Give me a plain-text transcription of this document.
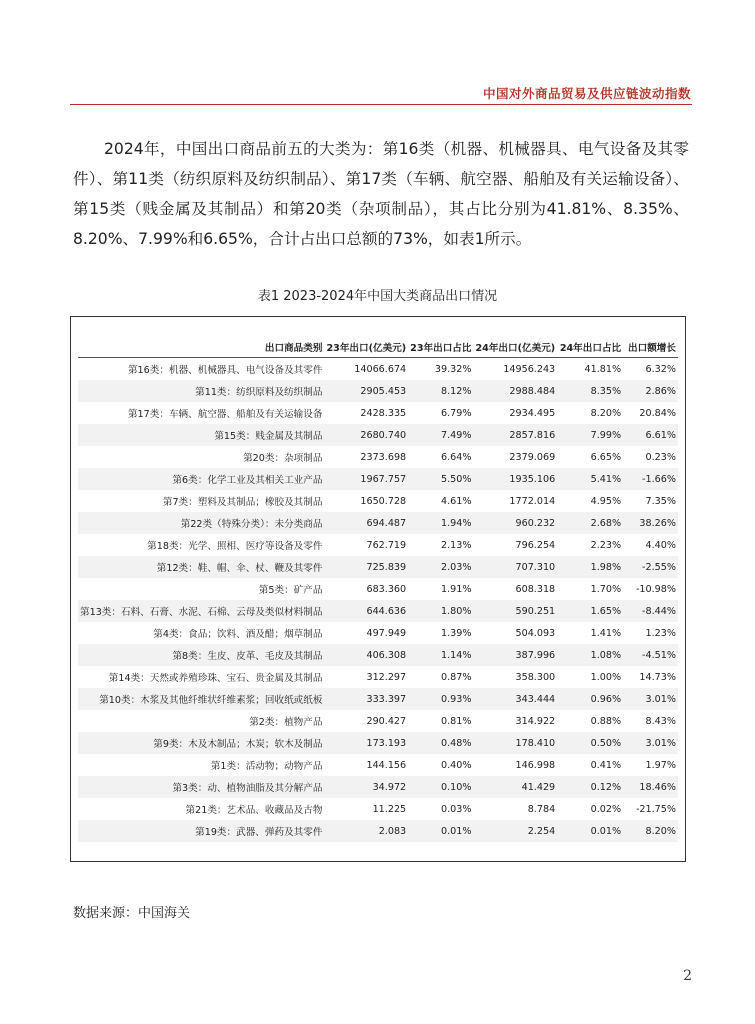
中国对外商品贸易及供应链波动指数

2024年，中国出口商品前五的大类为：第16类（机器、机械器具、电气设备及其零件）、第11类（纺织原料及纺织制品）、第17类（车辆、航空器、船舶及有关运输设备）、第15类（贱金属及其制品）和第20类（杂项制品），其占比分别为41.81%、8.35%、8.20%、7.99%和6.65%，合计占出口总额的73%，如表1所示。

表1 2023-2024年中国大类商品出口情况
出口商品类别	23年出口(亿美元)	23年出口占比	24年出口(亿美元)	24年出口占比	出口额增长
第16类：机器、机械器具、电气设备及其零件	14066.674	39.32%	14956.243	41.81%	6.32%
第11类：纺织原料及纺织制品	2905.453	8.12%	2988.484	8.35%	2.86%
第17类：车辆、航空器、船舶及有关运输设备	2428.335	6.79%	2934.495	8.20%	20.84%
第15类：贱金属及其制品	2680.740	7.49%	2857.816	7.99%	6.61%
第20类：杂项制品	2373.698	6.64%	2379.069	6.65%	0.23%
第6类：化学工业及其相关工业产品	1967.757	5.50%	1935.106	5.41%	-1.66%
第7类：塑料及其制品；橡胶及其制品	1650.728	4.61%	1772.014	4.95%	7.35%
第22类（特殊分类）：未分类商品	694.487	1.94%	960.232	2.68%	38.26%
第18类：光学、照相、医疗等设备及零件	762.719	2.13%	796.254	2.23%	4.40%
第12类：鞋、帽、伞、杖、鞭及其零件	725.839	2.03%	707.310	1.98%	-2.55%
第5类：矿产品	683.360	1.91%	608.318	1.70%	-10.98%
第13类：石料、石膏、水泥、石棉、云母及类似材料制品	644.636	1.80%	590.251	1.65%	-8.44%
第4类：食品；饮料、酒及醋；烟草制品	497.949	1.39%	504.093	1.41%	1.23%
第8类：生皮、皮革、毛皮及其制品	406.308	1.14%	387.996	1.08%	-4.51%
第14类：天然或养殖珍珠、宝石、贵金属及其制品	312.297	0.87%	358.300	1.00%	14.73%
第10类：木浆及其他纤维状纤维素浆；回收纸或纸板	333.397	0.93%	343.444	0.96%	3.01%
第2类：植物产品	290.427	0.81%	314.922	0.88%	8.43%
第9类：木及木制品；木炭；软木及制品	173.193	0.48%	178.410	0.50%	3.01%
第1类：活动物；动物产品	144.156	0.40%	146.998	0.41%	1.97%
第3类：动、植物油脂及其分解产品	34.972	0.10%	41.429	0.12%	18.46%
第21类：艺术品、收藏品及古物	11.225	0.03%	8.784	0.02%	-21.75%
第19类：武器、弹药及其零件	2.083	0.01%	2.254	0.01%	8.20%
数据来源：中国海关
2
